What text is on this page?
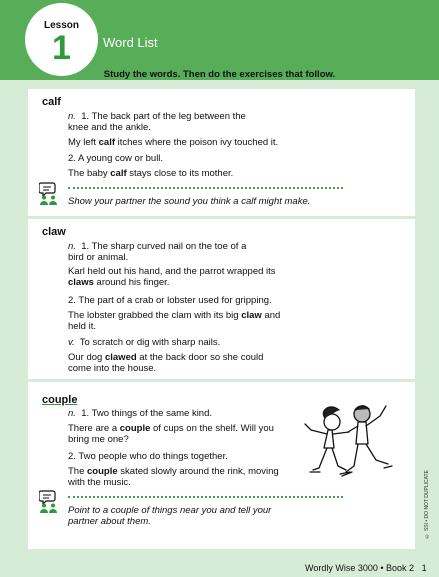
Lesson
1	Word List
Study the words. Then do the exercises that follow.
calf
n. 1. The back part of the leg between the
knee and the ankle.
My left calf itches where the poison ivy touched it.
2. A young cow or bull.
The baby calf stays close to its mother.
Show your partner the sound you think a calf might make.
claw
n. 1. The sharp curved nail on the toe of a
bird or animal.
Karl held out his hand, and the parrot wrapped its
claws around his finger.
2. The part of a crab or lobster used for gripping.
The lobster grabbed the clam with its big claw and
held it.
v. To scratch or dig with sharp nails.
Our dog clawed at the back door so she could
come into the house.
couple
n. 1. Two things of the same kind.
There are a couple of cups on the shelf. Will you
bring me one?
2. Two people who do things together.
The couple skated slowly around the rink, moving
with the music.
Point to a couple of things near you and tell your
partner about them.	© SSI • DO NOT DUPLICATE
Wordly Wise 3000 • Book 2 1
